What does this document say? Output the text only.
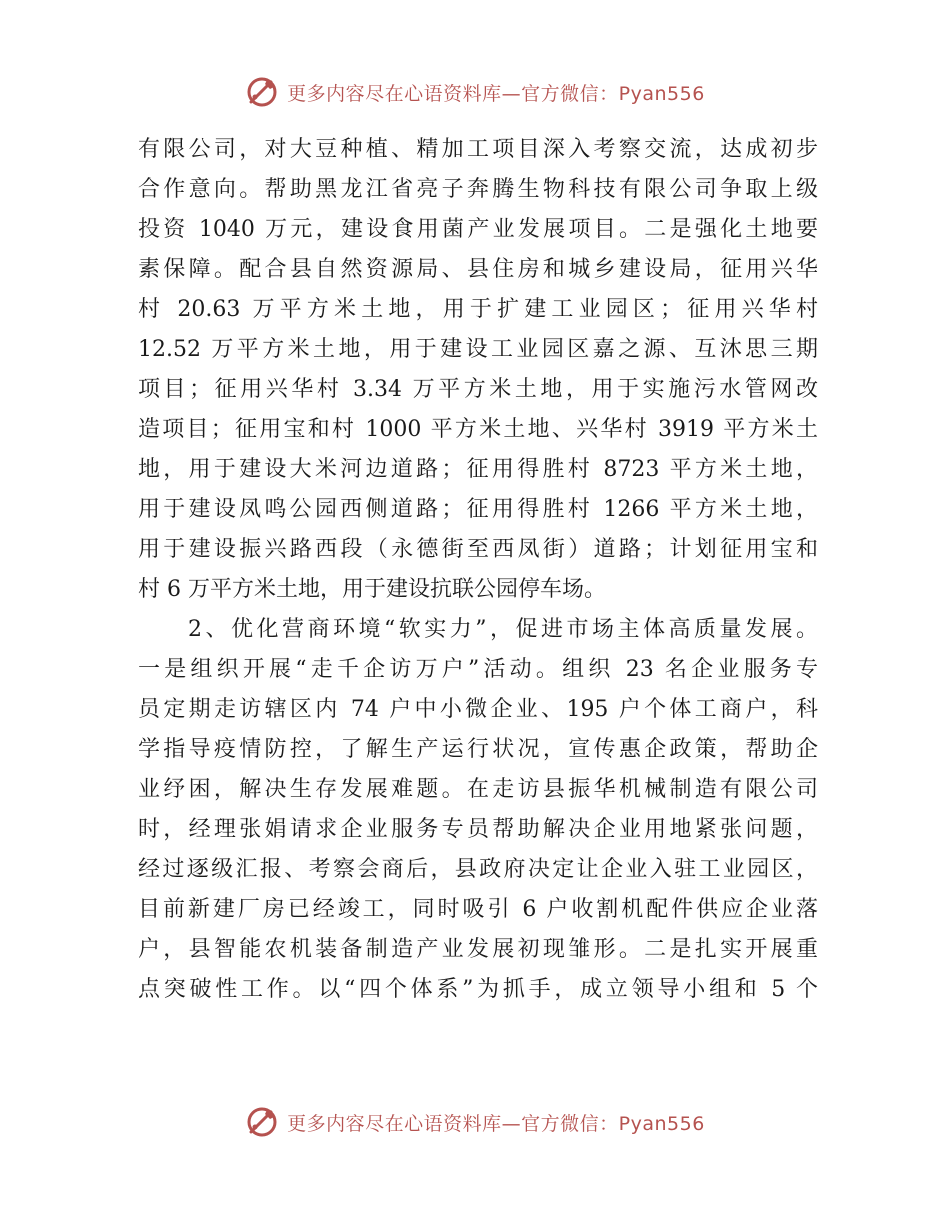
更多内容尽在心语资料库—官方微信：Pyan556
有限公司，对大豆种植、精加工项目深入考察交流，达成初步
合作意向。帮助黑龙江省亮子奔腾生物科技有限公司争取上级
投资 1040 万元，建设食用菌产业发展项目。二是强化土地要
素保障。配合县自然资源局、县住房和城乡建设局，征用兴华
村 20.63 万平方米土地，用于扩建工业园区；征用兴华村
12.52 万平方米土地，用于建设工业园区嘉之源、互沐思三期
项目；征用兴华村 3.34 万平方米土地，用于实施污水管网改
造项目；征用宝和村 1000 平方米土地、兴华村 3919 平方米土
地，用于建设大米河边道路；征用得胜村 8723 平方米土地，
用于建设凤鸣公园西侧道路；征用得胜村 1266 平方米土地，
用于建设振兴路西段（永德街至西凤街）道路；计划征用宝和
村 6 万平方米土地，用于建设抗联公园停车场。
2、优化营商环境“软实力”，促进市场主体高质量发展。
一是组织开展“走千企访万户”活动。组织 23 名企业服务专
员定期走访辖区内 74 户中小微企业、195 户个体工商户，科
学指导疫情防控，了解生产运行状况，宣传惠企政策，帮助企
业纾困，解决生存发展难题。在走访县振华机械制造有限公司
时，经理张娟请求企业服务专员帮助解决企业用地紧张问题，
经过逐级汇报、考察会商后，县政府决定让企业入驻工业园区，
目前新建厂房已经竣工，同时吸引 6 户收割机配件供应企业落
户，县智能农机装备制造产业发展初现雏形。二是扎实开展重
点突破性工作。以“四个体系”为抓手，成立领导小组和 5 个
更多内容尽在心语资料库—官方微信：Pyan556
